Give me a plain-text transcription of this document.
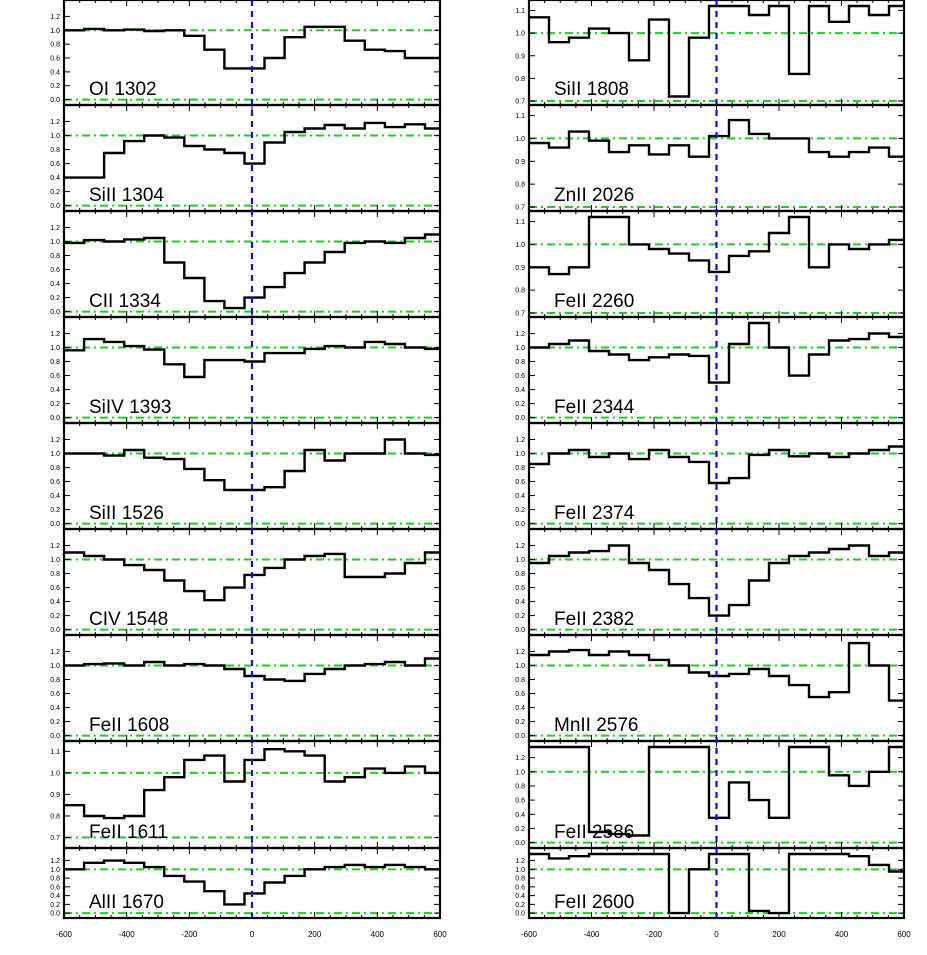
0.0
0.2
0.4
0.6
0.8
1.0
1.2
OI 1302
0.0
0.2
0.4
0.6
0.8
1.0
1.2
SiII 1304
0.0
0.2
0.4
0.6
0.8
1.0
1.2
CII 1334
0.0
0.2
0.4
0.6
0.8
1.0
1.2
SiIV 1393
0.0
0.2
0.4
0.6
0.8
1.0
1.2
SiII 1526
0.0
0.2
0.4
0.6
0.8
1.0
1.2
CIV 1548
0.0
0.2
0.4
0.6
0.8
1.0
1.2
FeII 1608
0.7
0.8
0.9
1.0
1.1
FeII 1611
0.0
0.2
0.4
0.6
0.8
1.0
1.2
AlII 1670
-600	-400	-200	0	200	400	600
0.7
0.8
0.9
1.0
1.1
SiII 1808
0.7
0.8
0.9
1.0
1.1
ZnII 2026
0.7
0.8
0.9
1.0
1.1
FeII 2260
0.0
0.2
0.4
0.6
0.8
1.0
1.2
FeII 2344
0.0
0.2
0.4
0.6
0.8
1.0
1.2
FeII 2374
0.0
0.2
0.4
0.6
0.8
1.0
1.2
FeII 2382
0.0
0.2
0.4
0.6
0.8
1.0
1.2
MnII 2576
0.0
0.2
0.4
0.6
0.8
1.0
1.2
FeII 2586
0.0
0.2
0.4
0.6
0.8
1.0
1.2
FeII 2600
-600	-400	-200	0	200	400	600
